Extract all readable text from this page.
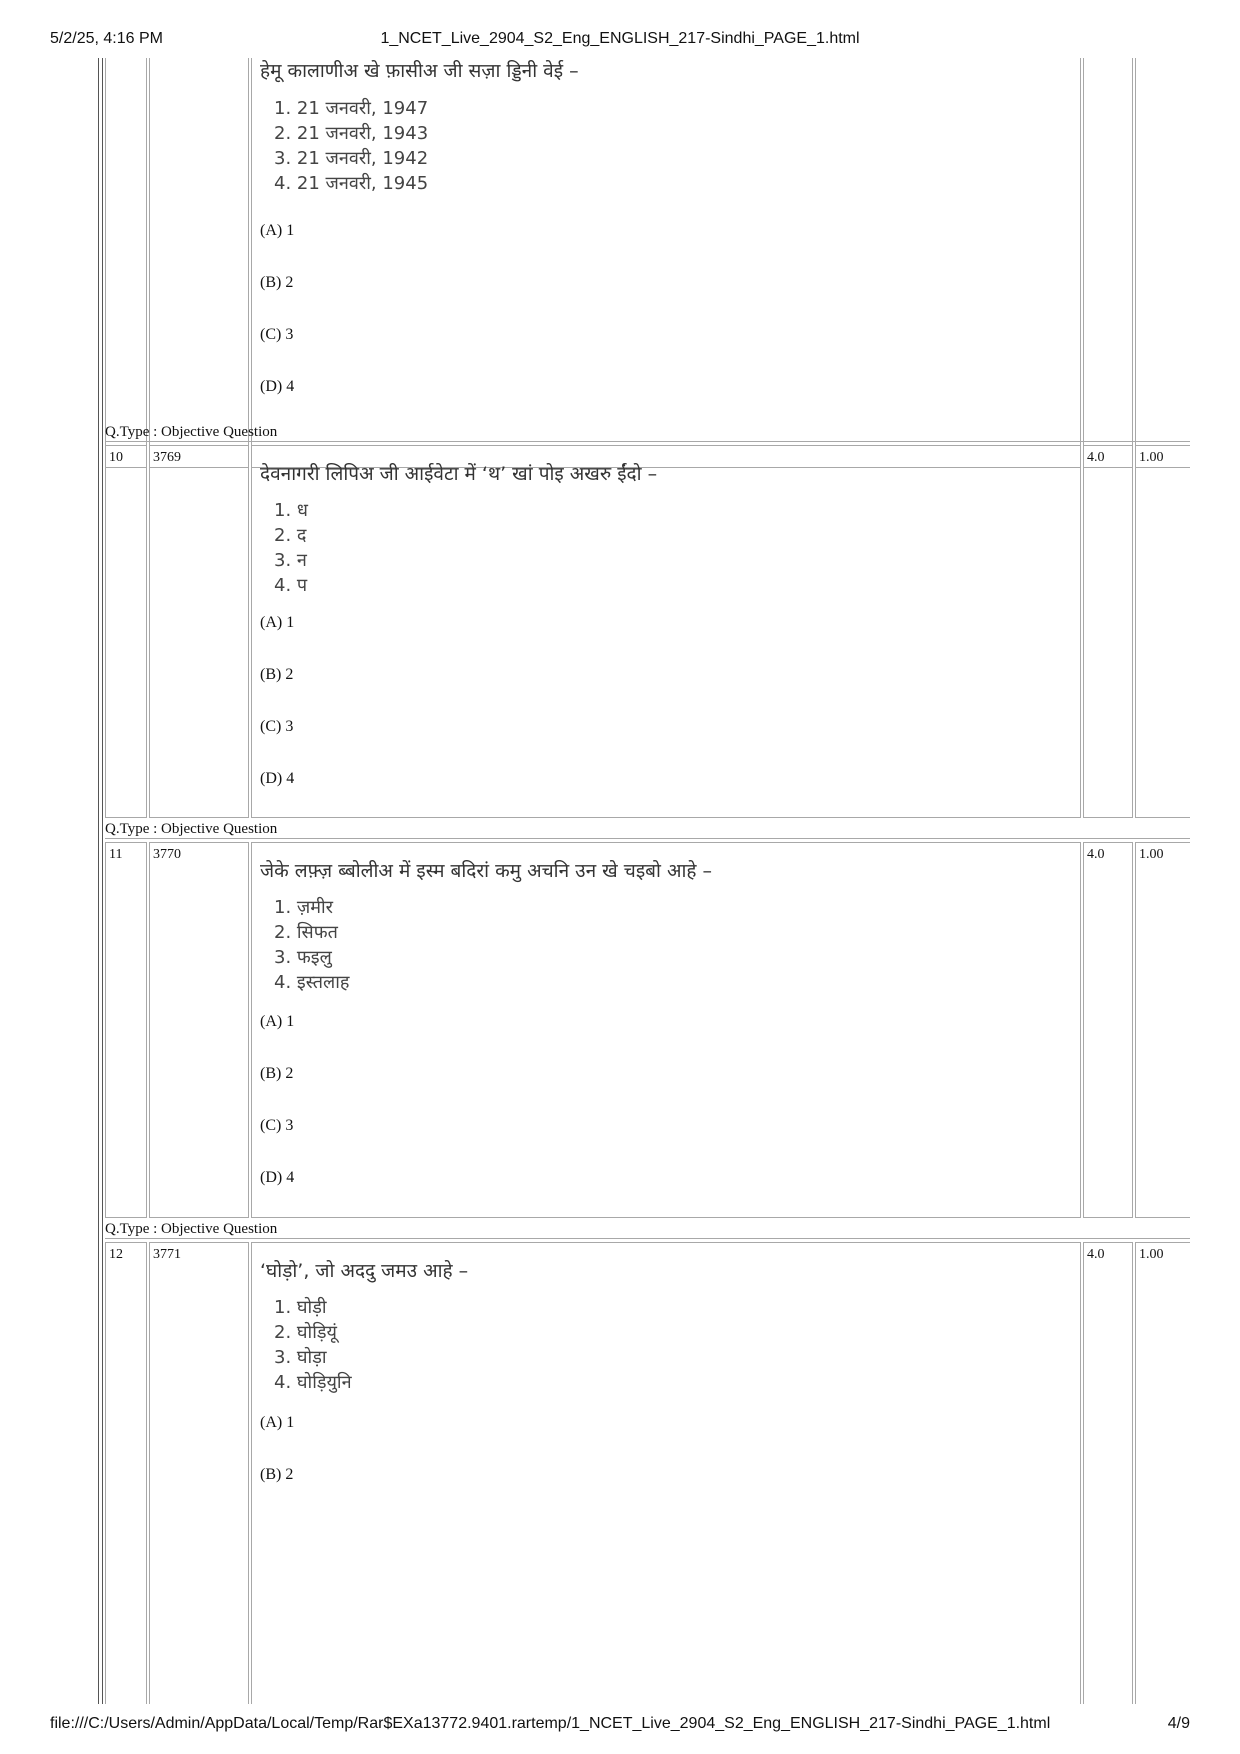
5/2/25, 4:16 PM	1_NCET_Live_2904_S2_Eng_ENGLISH_217-Sindhi_PAGE_1.html
हेमू कालाणीअ खे फ़ासीअ जी सज़ा ड्डिनी वेई –
1. 21 जनवरी, 1947
2. 21 जनवरी, 1943
3. 21 जनवरी, 1942
4. 21 जनवरी, 1945
(A) 1
(B) 2
(C) 3
(D) 4
Q.Type : Objective Question
10 3769
देवनागरी लिपिअ जी आईवेटा में ‘थ’ खां पोइ अखरु ईंदो –
1. ध
2. द
3. न
4. प
(A) 1
(B) 2
(C) 3
(D) 4
4.0 1.00
Q.Type : Objective Question
11 3770
जेके लफ़्ज़ ब्बोलीअ में इस्म बदिरां कमु अचनि उन खे चइबो आहे –
1. ज़मीर
2. सिफत
3. फइलु
4. इस्तलाह
(A) 1
(B) 2
(C) 3
(D) 4
4.0 1.00
Q.Type : Objective Question
12 3771
‘घोड़ो’, जो अददु जमउ आहे –
1. घोड़ी
2. घोड़ियूं
3. घोड़ा
4. घोड़ियुनि
(A) 1
(B) 2
4.0 1.00
file:///C:/Users/Admin/AppData/Local/Temp/Rar$EXa13772.9401.rartemp/1_NCET_Live_2904_S2_Eng_ENGLISH_217-Sindhi_PAGE_1.html	4/9
